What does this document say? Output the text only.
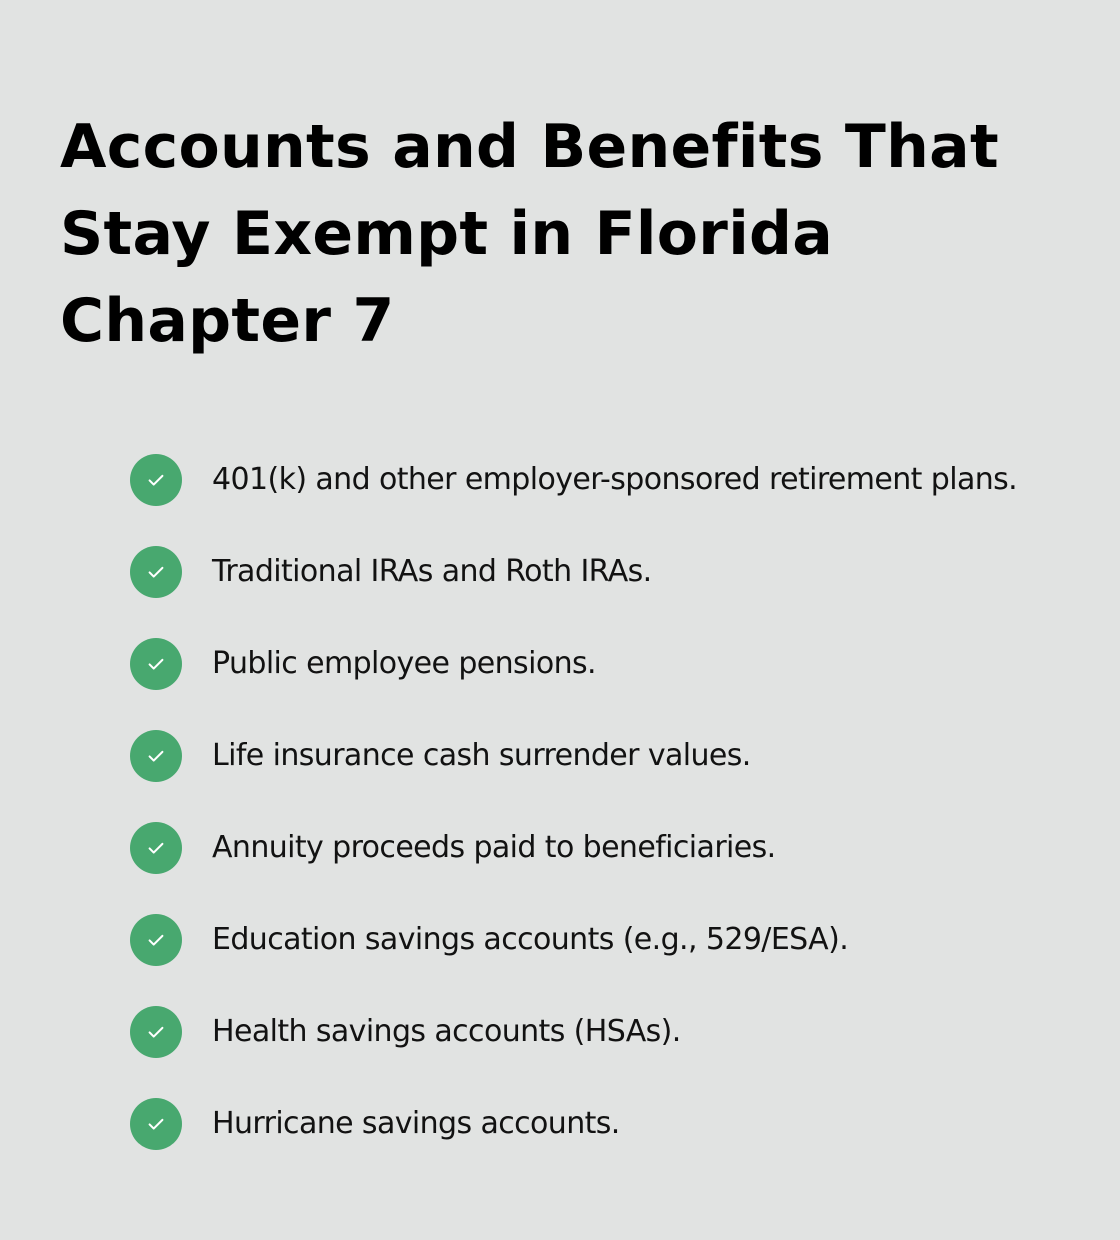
Accounts and Benefits That Stay Exempt in Florida Chapter 7
401(k) and other employer-sponsored retirement plans.
Traditional IRAs and Roth IRAs.
Public employee pensions.
Life insurance cash surrender values.
Annuity proceeds paid to beneficiaries.
Education savings accounts (e.g., 529/ESA).
Health savings accounts (HSAs).
Hurricane savings accounts.
